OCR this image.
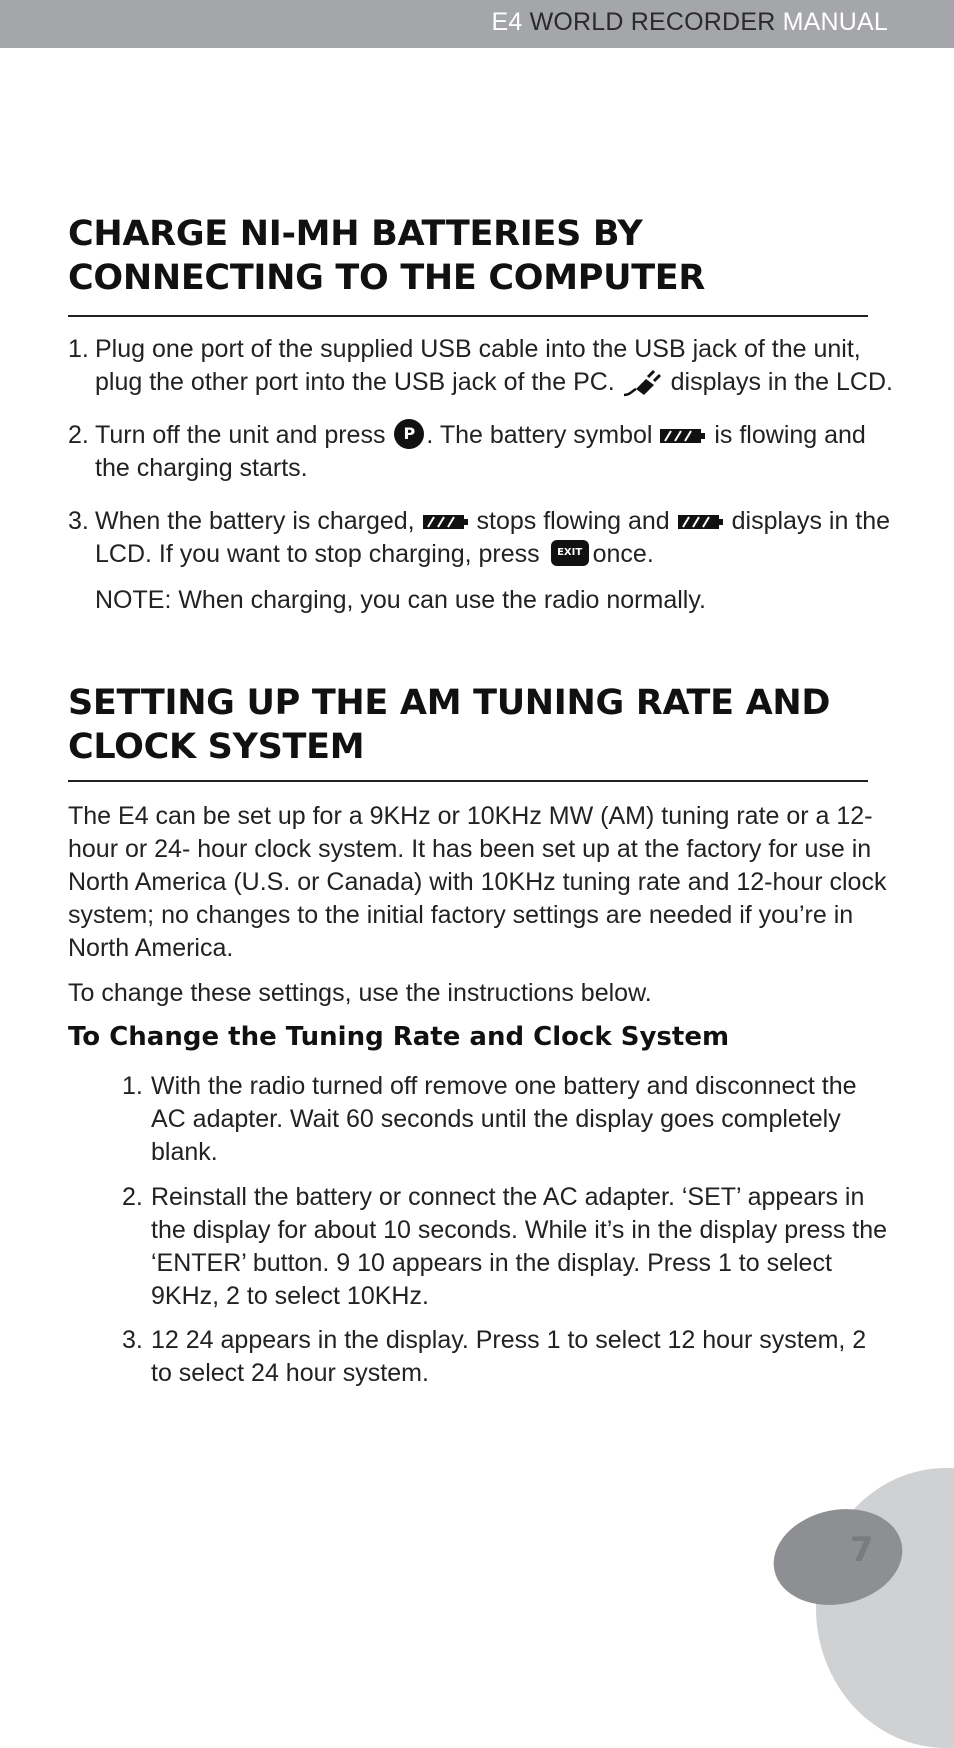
E4 WORLD RECORDER MANUAL
CHARGE NI-MH BATTERIES BY CONNECTING TO THE COMPUTER
1. Plug one port of the supplied USB cable into the USB jack of the unit, plug the other port into the USB jack of the PC. displays in the LCD.
2. Turn off the unit and press P . The battery symbol is flowing and the charging starts.
3. When the battery is charged, stops flowing and displays in the LCD. If you want to stop charging, press EXIT once.
NOTE: When charging, you can use the radio normally.
SETTING UP THE AM TUNING RATE AND CLOCK SYSTEM
The E4 can be set up for a 9KHz or 10KHz MW (AM) tuning rate or a 12-hour or 24- hour clock system. It has been set up at the factory for use in North America (U.S. or Canada) with 10KHz tuning rate and 12-hour clock system; no changes to the initial factory settings are needed if you’re in North America.
To change these settings, use the instructions below.
To Change the Tuning Rate and Clock System
1. With the radio turned off remove one battery and disconnect the AC adapter. Wait 60 seconds until the display goes completely blank.
2. Reinstall the battery or connect the AC adapter. ‘SET’ appears in the display for about 10 seconds. While it’s in the display press the ‘ENTER’ button. 9 10 appears in the display. Press 1 to select 9KHz, 2 to select 10KHz.
3. 12 24 appears in the display. Press 1 to select 12 hour system, 2 to select 24 hour system.
7
